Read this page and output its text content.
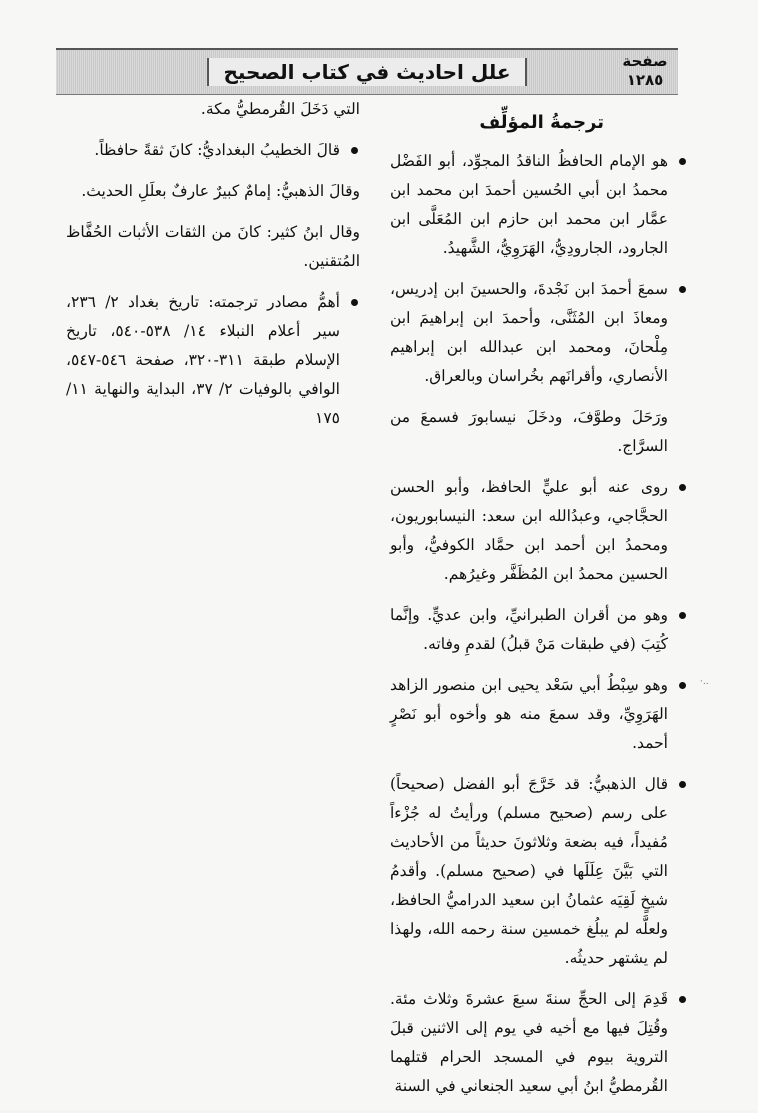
علل احاديث في كتاب الصحيح	صفحة
١٢٨٥
ترجمةُ المؤلِّف

هو الإمام الحافظُ الناقدُ المجوِّد، أبو الفَضْل محمدُ ابن أبي الحُسين أحمدَ ابن محمد ابن عمَّار ابن محمد ابن حازم ابن المُعَلَّى ابن الجارود، الجارودِيُّ، الهَرَوِيُّ، الشَّهيدُ.

سمعَ أحمدَ ابن نَجْدةَ، والحسينَ ابن إدريس، ومعاذَ ابن المُثَنَّى، وأحمدَ ابن إبراهيمَ ابن مِلْحانَ، ومحمد ابن عبدالله ابن إبراهيم الأنصاري، وأقرانَهم بخُراسان وبالعراق.

ورَحَلَ وطوَّفَ، ودخَلَ نيسابورَ فسمعَ من السرَّاج.

روى عنه أبو عليٍّ الحافظ، وأبو الحسن الحجَّاجي، وعبدُالله ابن سعد: النيسابوريون، ومحمدُ ابن أحمد ابن حمَّاد الكوفيُّ، وأبو الحسين محمدُ ابن المُظَفَّر وغيرُهم.

وهو من أقران الطبرانيِّ، وابن عديٍّ. وإنَّما كُتِبَ (في طبقات مَنْ قبلُ) لقدمِ وفاته.

وهو سِبْطُ أبي سَعْد يحيى ابن منصور الزاهد الهَرَوِيِّ، وقد سمعَ منه هو وأخوه أبو نَصْرٍ أحمد.

قال الذهبيُّ: قد خَرَّجَ أبو الفضل (صحيحاً) على رسم (صحيح مسلم) ورأيتُ له جُزْءاً مُفيداً، فيه بضعة وثلاثونَ حديثاً من الأحاديث التي بَيَّنَ عِلَلَها في (صحيح مسلم). وأقدمُ شيخٍ لَقِيَه عثمانُ ابن سعيد الدراميُّ الحافظ، ولعلَّه لم يبلُغ خمسين سنة رحمه الله، ولهذا لم يشتهر حديثُه.

قَدِمَ إلى الحجِّ سنةَ سبعَ عشرةَ وثلاث مئة. وقُتِلَ فيها مع أخيه في يوم إلى الاثنين قبلَ التروية بيوم في المسجد الحرام قتلهما القُرمطيُّ ابنُ أبي سعيد الجنعاني في السنة

التي دَخَلَ القُرمطيُّ مكة.

قالَ الخطيبُ البغداديُّ: كانَ ثقةً حافظاً.

وقالَ الذهبيُّ: إمامٌ كبيرٌ عارفٌ بعلَلِ الحديث.

وقال ابنُ كثير: كانَ من الثقات الأثبات الحُفَّاظ المُتقنين.

أهمُّ مصادر ترجمته: تاريخ بغداد ٢/ ٢٣٦، سير أعلام النبلاء ١٤/ ٥٣٨-٥٤٠، تاريخ الإسلام طبقة ٣١١-٣٢٠، صفحة ٥٤٦-٥٤٧، الوافي بالوفيات ٢/ ٣٧، البداية والنهاية ١١/ ١٧٥

·..
